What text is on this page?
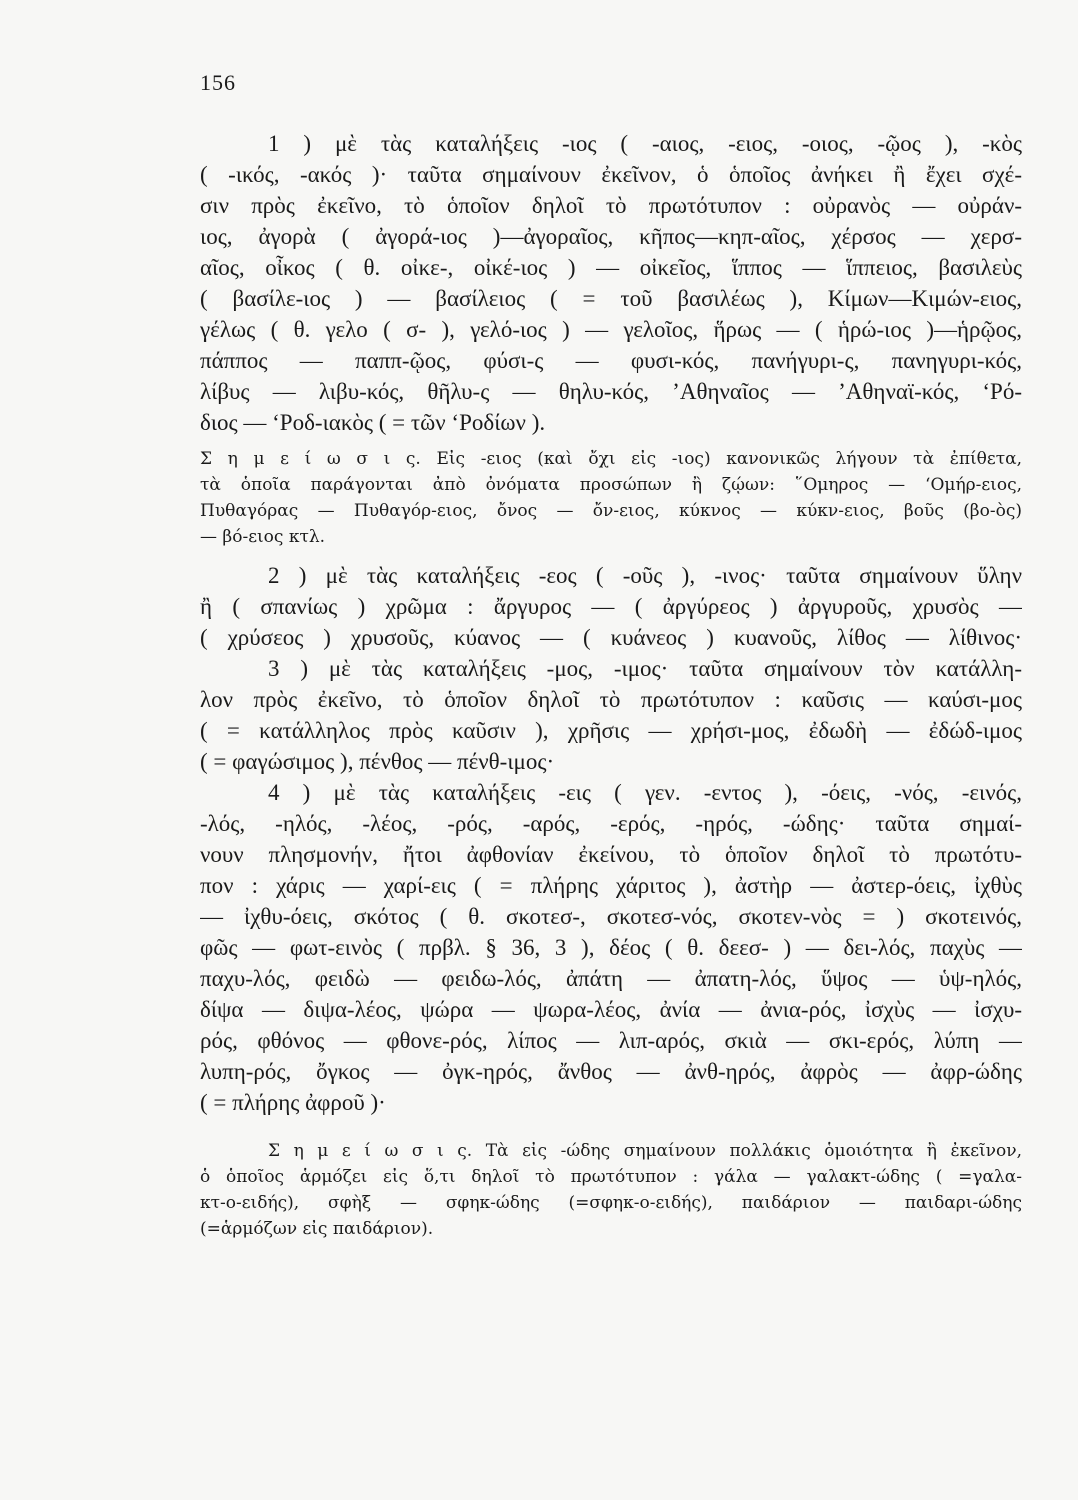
156
1 ) μὲ τὰς καταλήξεις -ιος ( -αιος, -ειος, -οιος, -ῷος ), -κὸς
( -ικός, -ακός )· ταῦτα σημαίνουν ἐκεῖνον, ὁ ὁποῖος ἀνήκει ἢ ἔχει σχέ-
σιν πρὸς ἐκεῖνο, τὸ ὁποῖον δηλοῖ τὸ πρωτότυπον : οὐρανὸς — οὐράν-
ιος, ἀγορὰ ( ἀγορά-ιος )—ἀγοραῖος, κῆπος—κηπ-αῖος, χέρσος — χερσ-
αῖος, οἶκος ( θ. οἰκε-, οἰκέ-ιος ) — οἰκεῖος, ἵππος — ἵππειος, βασιλεὺς
( βασίλε-ιος ) — βασίλειος ( = τοῦ βασιλέως ), Κίμων—Κιμών-ειος,
γέλως ( θ. γελο ( σ- ), γελό-ιος ) — γελοῖος, ἥρως — ( ἡρώ-ιος )—ἡρῷος,
πάππος — παππ-ῷος, φύσι-ς — φυσι-κός, πανήγυρι-ς, πανηγυρι-κός,
λίβυς — λιβυ-κός, θῆλυ-ς — θηλυ-κός, ’Αθηναῖος — ’Αθηναϊ-κός, ‘Ρό-
διος — ‘Ροδ-ιακὸς ( = τῶν ‘Ροδίων ).
Σ η μ ε ί ω σ ι ς. Εἰς -ειος (καὶ ὄχι εἰς -ιος) κανονικῶς λήγουν τὰ ἐπίθετα,
τὰ ὁποῖα παράγονται ἀπὸ ὀνόματα προσώπων ἢ ζῴων: ῞Ομηρος — ‘Ομήρ-ειος,
Πυθαγόρας — Πυθαγόρ-ειος, ὄνος — ὄν-ειος, κύκνος — κύκν-ειος, βοῦς (βο-ὸς)
— βό-ειος κτλ.
2 ) μὲ τὰς καταλήξεις -εος ( -οῦς ), -ινος· ταῦτα σημαίνουν ὕλην
ἢ ( σπανίως ) χρῶμα : ἄργυρος — ( ἀργύρεος ) ἀργυροῦς, χρυσὸς —
( χρύσεος ) χρυσοῦς, κύανος — ( κυάνεος ) κυανοῦς, λίθος — λίθινος·
3 ) μὲ τὰς καταλήξεις -μος, -ιμος· ταῦτα σημαίνουν τὸν κατάλλη-
λον πρὸς ἐκεῖνο, τὸ ὁποῖον δηλοῖ τὸ πρωτότυπον : καῦσις — καύσι-μος
( = κατάλληλος πρὸς καῦσιν ), χρῆσις — χρήσι-μος, ἐδωδὴ — ἐδώδ-ιμος
( = φαγώσιμος ), πένθος — πένθ-ιμος·
4 ) μὲ τὰς καταλήξεις -εις ( γεν. -εντος ), -όεις, -νός, -εινός,
-λός, -ηλός, -λέος, -ρός, -αρός, -ερός, -ηρός, -ώδης· ταῦτα σημαί-
νουν πλησμονήν, ἤτοι ἀφθονίαν ἐκείνου, τὸ ὁποῖον δηλοῖ τὸ πρωτότυ-
πον : χάρις — χαρί-εις ( = πλήρης χάριτος ), ἀστὴρ — ἀστερ-όεις, ἰχθὺς
— ἰχθυ-όεις, σκότος ( θ. σκοτεσ-, σκοτεσ-νός, σκοτεν-νὸς = ) σκοτεινός,
φῶς — φωτ-εινὸς ( πρβλ. § 36, 3 ), δέος ( θ. δεεσ- ) — δει-λός, παχὺς —
παχυ-λός, φειδὼ — φειδω-λός, ἀπάτη — ἀπατη-λός, ὕψος — ὑψ-ηλός,
δίψα — διψα-λέος, ψώρα — ψωρα-λέος, ἀνία — ἀνια-ρός, ἰσχὺς — ἰσχυ-
ρός, φθόνος — φθονε-ρός, λίπος — λιπ-αρός, σκιὰ — σκι-ερός, λύπη —
λυπη-ρός, ὄγκος — ὀγκ-ηρός, ἄνθος — ἀνθ-ηρός, ἀφρὸς — ἀφρ-ώδης
( = πλήρης ἀφροῦ )·
Σ η μ ε ί ω σ ι ς. Τὰ εἰς -ώδης σημαίνουν πολλάκις ὁμοιότητα ἢ ἐκεῖνον,
ὁ ὁποῖος ἁρμόζει εἰς ὅ,τι δηλοῖ τὸ πρωτότυπον : γάλα — γαλακτ-ώδης ( =γαλα-
κτ-ο-ειδής), σφὴξ — σφηκ-ώδης (=σφηκ-ο-ειδής), παιδάριον — παιδαρι-ώδης
(=ἁρμόζων εἰς παιδάριον).
